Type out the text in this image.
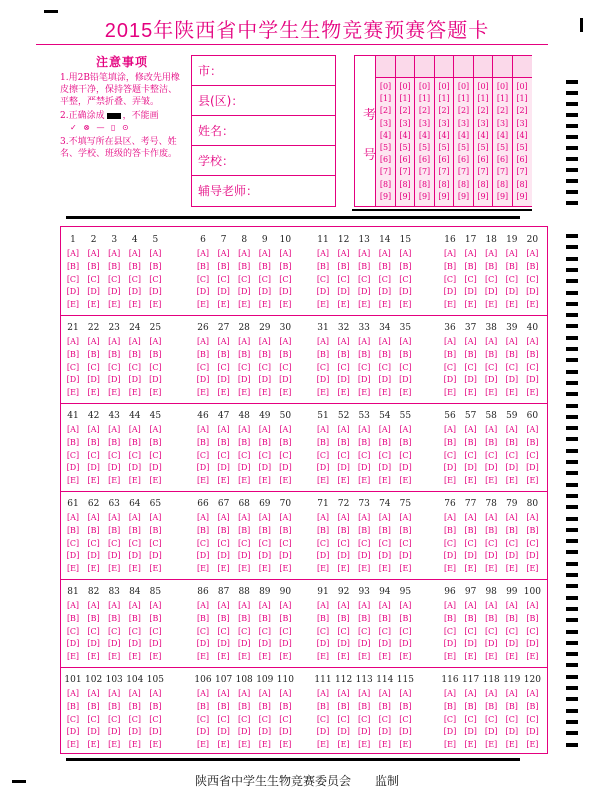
2015年陕西省中学生生物竞赛预赛答题卡
注意事项
1.用2B铅笔填涂，修改先用橡皮擦干净，保持答题卡整洁、平整，严禁折叠、弄皱。
2.正确涂成 ，不能画
✓ ⊗ — ▯ ⊙
3.不填写所在县区、考号、姓名、学校、班级的答卡作废。
市：
县(区)：
姓名：
学校：
辅导老师：
考
号
[0]
[1]
[2]
[3]
[4]
[5]
[6]
[7]
[8]
[9]
[0]
[1]
[2]
[3]
[4]
[5]
[6]
[7]
[8]
[9]
[0]
[1]
[2]
[3]
[4]
[5]
[6]
[7]
[8]
[9]
[0]
[1]
[2]
[3]
[4]
[5]
[6]
[7]
[8]
[9]
[0]
[1]
[2]
[3]
[4]
[5]
[6]
[7]
[8]
[9]
[0]
[1]
[2]
[3]
[4]
[5]
[6]
[7]
[8]
[9]
[0]
[1]
[2]
[3]
[4]
[5]
[6]
[7]
[8]
[9]
[0]
[1]
[2]
[3]
[4]
[5]
[6]
[7]
[8]
[9]
1
[A]
[B]
[C]
[D]
[E]
2
[A]
[B]
[C]
[D]
[E]
3
[A]
[B]
[C]
[D]
[E]
4
[A]
[B]
[C]
[D]
[E]
5
[A]
[B]
[C]
[D]
[E]
6
[A]
[B]
[C]
[D]
[E]
7
[A]
[B]
[C]
[D]
[E]
8
[A]
[B]
[C]
[D]
[E]
9
[A]
[B]
[C]
[D]
[E]
10
[A]
[B]
[C]
[D]
[E]
11
[A]
[B]
[C]
[D]
[E]
12
[A]
[B]
[C]
[D]
[E]
13
[A]
[B]
[C]
[D]
[E]
14
[A]
[B]
[C]
[D]
[E]
15
[A]
[B]
[C]
[D]
[E]
16
[A]
[B]
[C]
[D]
[E]
17
[A]
[B]
[C]
[D]
[E]
18
[A]
[B]
[C]
[D]
[E]
19
[A]
[B]
[C]
[D]
[E]
20
[A]
[B]
[C]
[D]
[E]
21
[A]
[B]
[C]
[D]
[E]
22
[A]
[B]
[C]
[D]
[E]
23
[A]
[B]
[C]
[D]
[E]
24
[A]
[B]
[C]
[D]
[E]
25
[A]
[B]
[C]
[D]
[E]
26
[A]
[B]
[C]
[D]
[E]
27
[A]
[B]
[C]
[D]
[E]
28
[A]
[B]
[C]
[D]
[E]
29
[A]
[B]
[C]
[D]
[E]
30
[A]
[B]
[C]
[D]
[E]
31
[A]
[B]
[C]
[D]
[E]
32
[A]
[B]
[C]
[D]
[E]
33
[A]
[B]
[C]
[D]
[E]
34
[A]
[B]
[C]
[D]
[E]
35
[A]
[B]
[C]
[D]
[E]
36
[A]
[B]
[C]
[D]
[E]
37
[A]
[B]
[C]
[D]
[E]
38
[A]
[B]
[C]
[D]
[E]
39
[A]
[B]
[C]
[D]
[E]
40
[A]
[B]
[C]
[D]
[E]
41
[A]
[B]
[C]
[D]
[E]
42
[A]
[B]
[C]
[D]
[E]
43
[A]
[B]
[C]
[D]
[E]
44
[A]
[B]
[C]
[D]
[E]
45
[A]
[B]
[C]
[D]
[E]
46
[A]
[B]
[C]
[D]
[E]
47
[A]
[B]
[C]
[D]
[E]
48
[A]
[B]
[C]
[D]
[E]
49
[A]
[B]
[C]
[D]
[E]
50
[A]
[B]
[C]
[D]
[E]
51
[A]
[B]
[C]
[D]
[E]
52
[A]
[B]
[C]
[D]
[E]
53
[A]
[B]
[C]
[D]
[E]
54
[A]
[B]
[C]
[D]
[E]
55
[A]
[B]
[C]
[D]
[E]
56
[A]
[B]
[C]
[D]
[E]
57
[A]
[B]
[C]
[D]
[E]
58
[A]
[B]
[C]
[D]
[E]
59
[A]
[B]
[C]
[D]
[E]
60
[A]
[B]
[C]
[D]
[E]
61
[A]
[B]
[C]
[D]
[E]
62
[A]
[B]
[C]
[D]
[E]
63
[A]
[B]
[C]
[D]
[E]
64
[A]
[B]
[C]
[D]
[E]
65
[A]
[B]
[C]
[D]
[E]
66
[A]
[B]
[C]
[D]
[E]
67
[A]
[B]
[C]
[D]
[E]
68
[A]
[B]
[C]
[D]
[E]
69
[A]
[B]
[C]
[D]
[E]
70
[A]
[B]
[C]
[D]
[E]
71
[A]
[B]
[C]
[D]
[E]
72
[A]
[B]
[C]
[D]
[E]
73
[A]
[B]
[C]
[D]
[E]
74
[A]
[B]
[C]
[D]
[E]
75
[A]
[B]
[C]
[D]
[E]
76
[A]
[B]
[C]
[D]
[E]
77
[A]
[B]
[C]
[D]
[E]
78
[A]
[B]
[C]
[D]
[E]
79
[A]
[B]
[C]
[D]
[E]
80
[A]
[B]
[C]
[D]
[E]
81
[A]
[B]
[C]
[D]
[E]
82
[A]
[B]
[C]
[D]
[E]
83
[A]
[B]
[C]
[D]
[E]
84
[A]
[B]
[C]
[D]
[E]
85
[A]
[B]
[C]
[D]
[E]
86
[A]
[B]
[C]
[D]
[E]
87
[A]
[B]
[C]
[D]
[E]
88
[A]
[B]
[C]
[D]
[E]
89
[A]
[B]
[C]
[D]
[E]
90
[A]
[B]
[C]
[D]
[E]
91
[A]
[B]
[C]
[D]
[E]
92
[A]
[B]
[C]
[D]
[E]
93
[A]
[B]
[C]
[D]
[E]
94
[A]
[B]
[C]
[D]
[E]
95
[A]
[B]
[C]
[D]
[E]
96
[A]
[B]
[C]
[D]
[E]
97
[A]
[B]
[C]
[D]
[E]
98
[A]
[B]
[C]
[D]
[E]
99
[A]
[B]
[C]
[D]
[E]
100
[A]
[B]
[C]
[D]
[E]
101
[A]
[B]
[C]
[D]
[E]
102
[A]
[B]
[C]
[D]
[E]
103
[A]
[B]
[C]
[D]
[E]
104
[A]
[B]
[C]
[D]
[E]
105
[A]
[B]
[C]
[D]
[E]
106
[A]
[B]
[C]
[D]
[E]
107
[A]
[B]
[C]
[D]
[E]
108
[A]
[B]
[C]
[D]
[E]
109
[A]
[B]
[C]
[D]
[E]
110
[A]
[B]
[C]
[D]
[E]
111
[A]
[B]
[C]
[D]
[E]
112
[A]
[B]
[C]
[D]
[E]
113
[A]
[B]
[C]
[D]
[E]
114
[A]
[B]
[C]
[D]
[E]
115
[A]
[B]
[C]
[D]
[E]
116
[A]
[B]
[C]
[D]
[E]
117
[A]
[B]
[C]
[D]
[E]
118
[A]
[B]
[C]
[D]
[E]
119
[A]
[B]
[C]
[D]
[E]
120
[A]
[B]
[C]
[D]
[E]
陕西省中学生生物竞赛委员会　　监制
